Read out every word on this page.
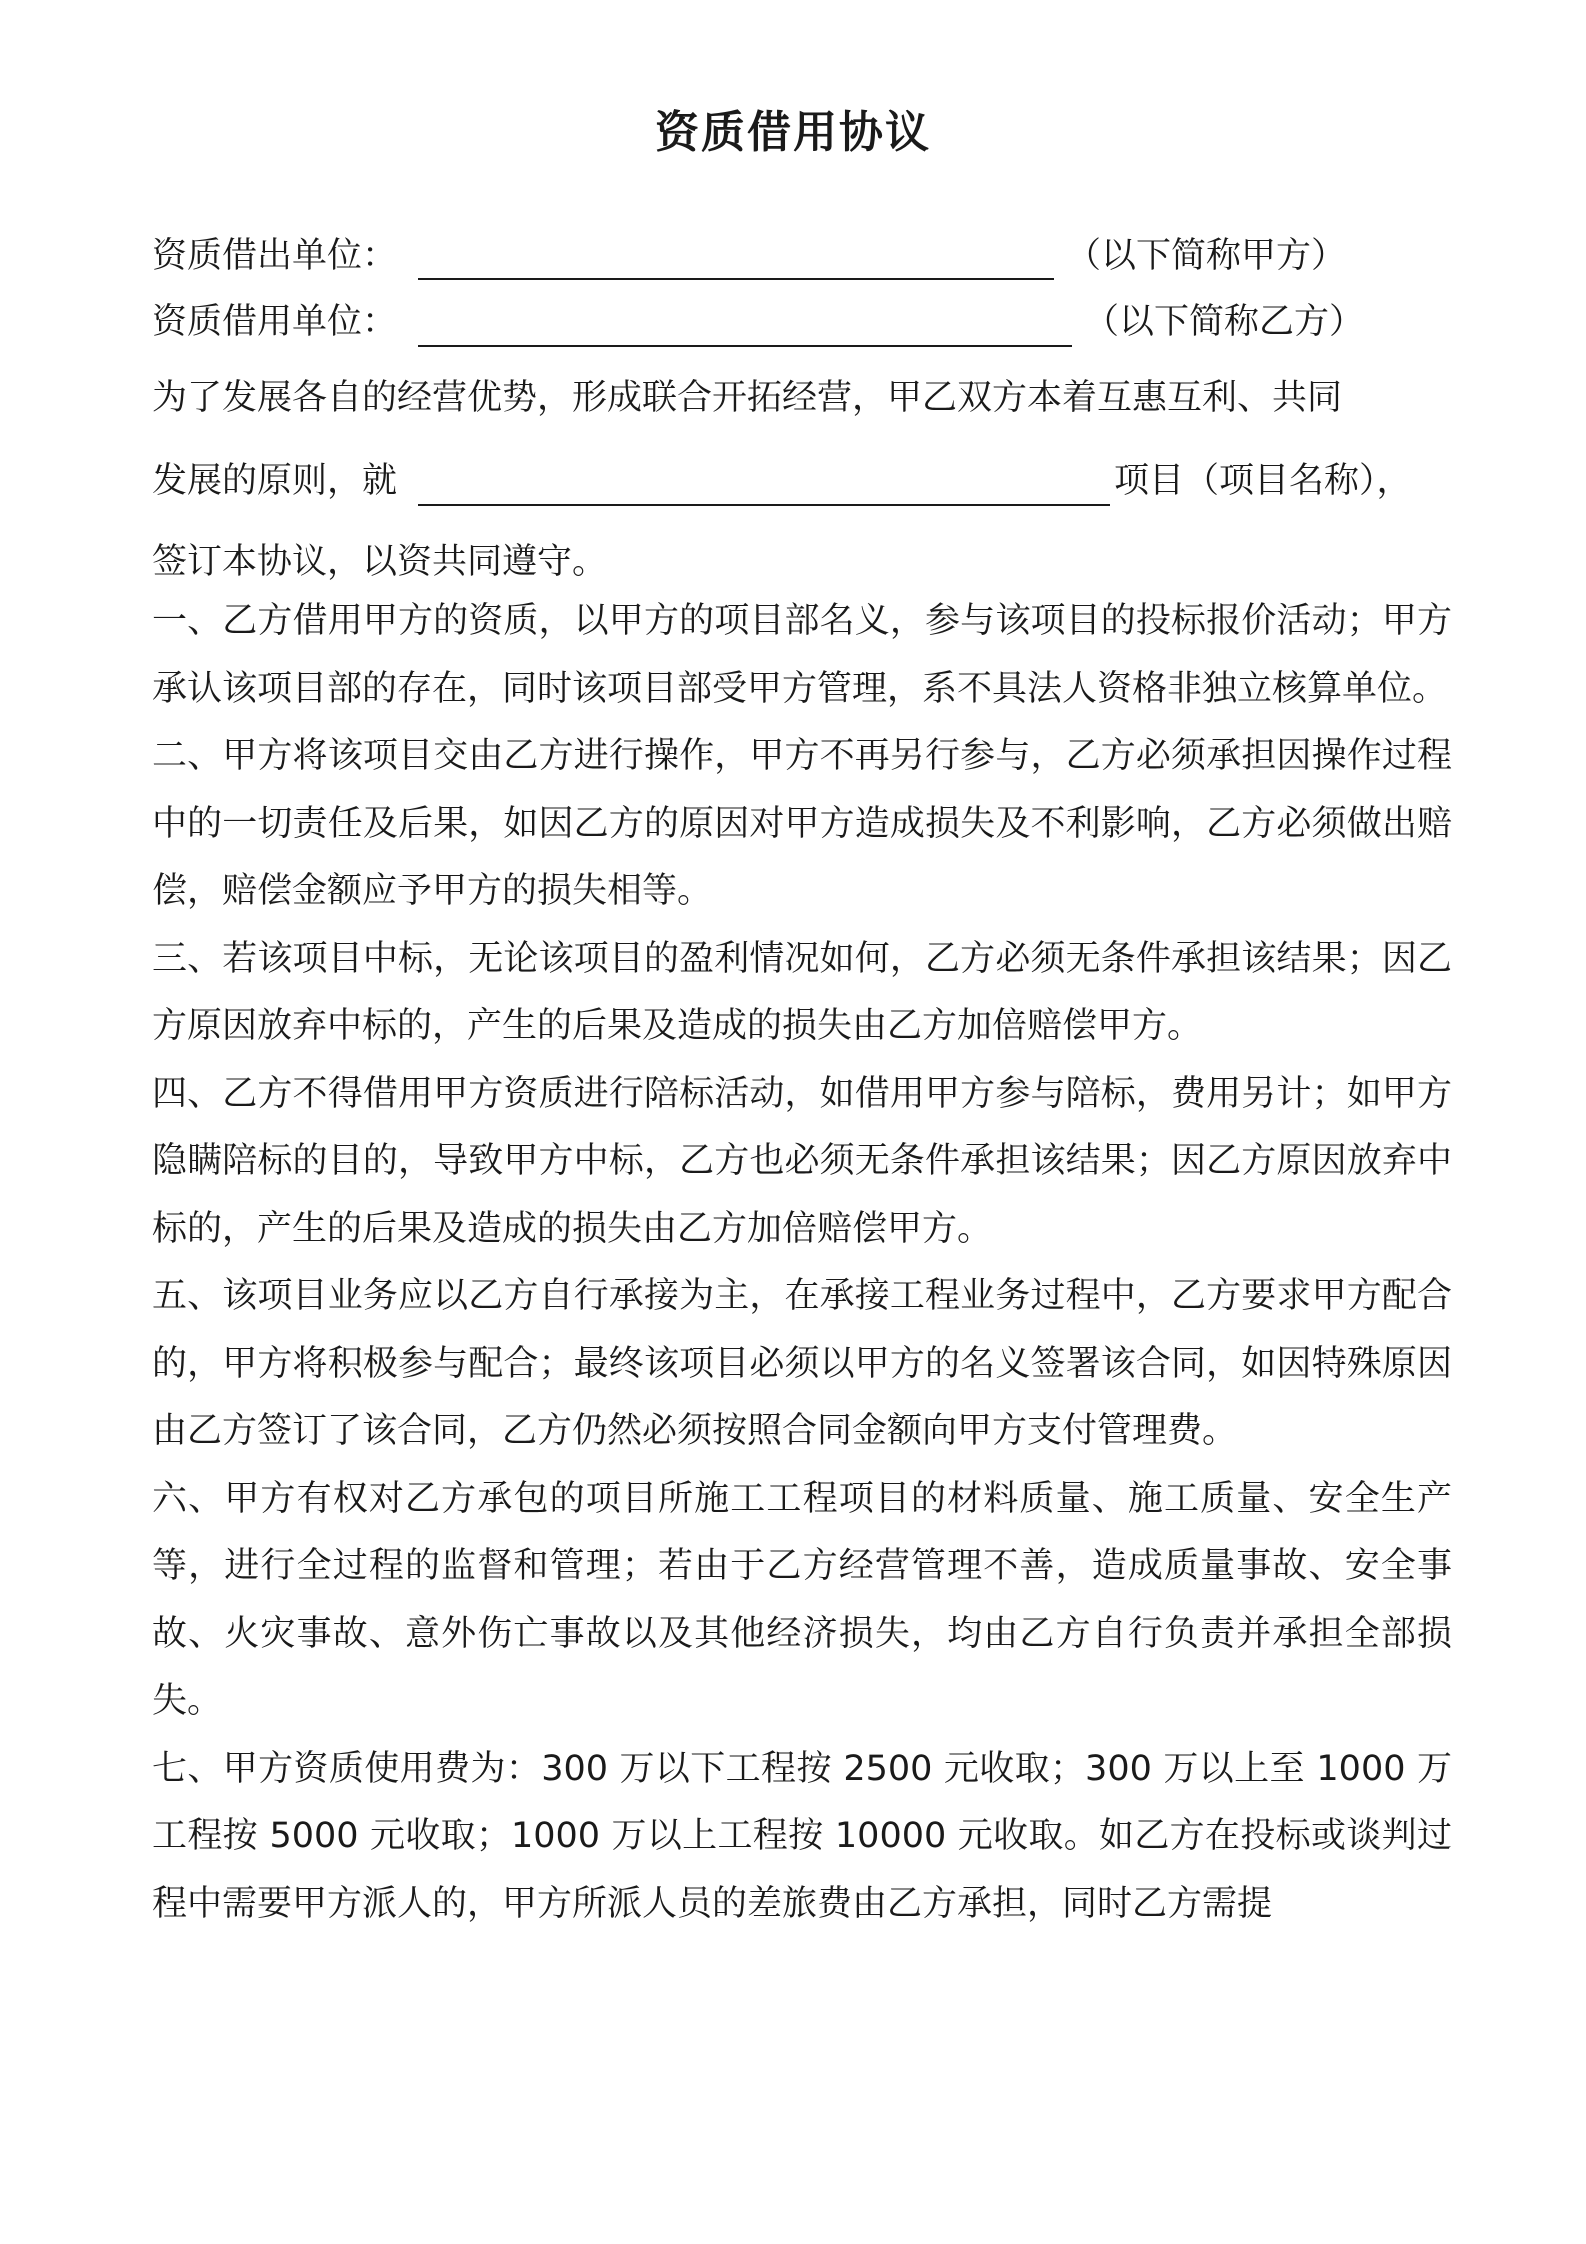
资质借用协议
资质借出单位：	（以下简称甲方）
资质借用单位：	（以下简称乙方）
为了发展各自的经营优势，形成联合开拓经营，甲乙双方本着互惠互利、共同
发展的原则，就	项目（项目名称），
签订本协议，以资共同遵守。

一、乙方借用甲方的资质，以甲方的项目部名义，参与该项目的投标报价活动；甲方承认该项目部的存在，同时该项目部受甲方管理，系不具法人资格非独立核算单位。

二、甲方将该项目交由乙方进行操作，甲方不再另行参与，乙方必须承担因操作过程中的一切责任及后果，如因乙方的原因对甲方造成损失及不利影响，乙方必须做出赔偿，赔偿金额应予甲方的损失相等。

三、若该项目中标，无论该项目的盈利情况如何，乙方必须无条件承担该结果；因乙方原因放弃中标的，产生的后果及造成的损失由乙方加倍赔偿甲方。

四、乙方不得借用甲方资质进行陪标活动，如借用甲方参与陪标，费用另计；如甲方隐瞒陪标的目的，导致甲方中标，乙方也必须无条件承担该结果；因乙方原因放弃中标的，产生的后果及造成的损失由乙方加倍赔偿甲方。

五、该项目业务应以乙方自行承接为主，在承接工程业务过程中，乙方要求甲方配合的，甲方将积极参与配合；最终该项目必须以甲方的名义签署该合同，如因特殊原因由乙方签订了该合同，乙方仍然必须按照合同金额向甲方支付管理费。

六、甲方有权对乙方承包的项目所施工工程项目的材料质量、施工质量、安全生产等，进行全过程的监督和管理；若由于乙方经营管理不善，造成质量事故、安全事故、火灾事故、意外伤亡事故以及其他经济损失，均由乙方自行负责并承担全部损失。

七、甲方资质使用费为：300 万以下工程按 2500 元收取；300 万以上至 1000 万工程按 5000 元收取；1000 万以上工程按 10000 元收取。如乙方在投标或谈判过程中需要甲方派人的，甲方所派人员的差旅费由乙方承担，同时乙方需提
